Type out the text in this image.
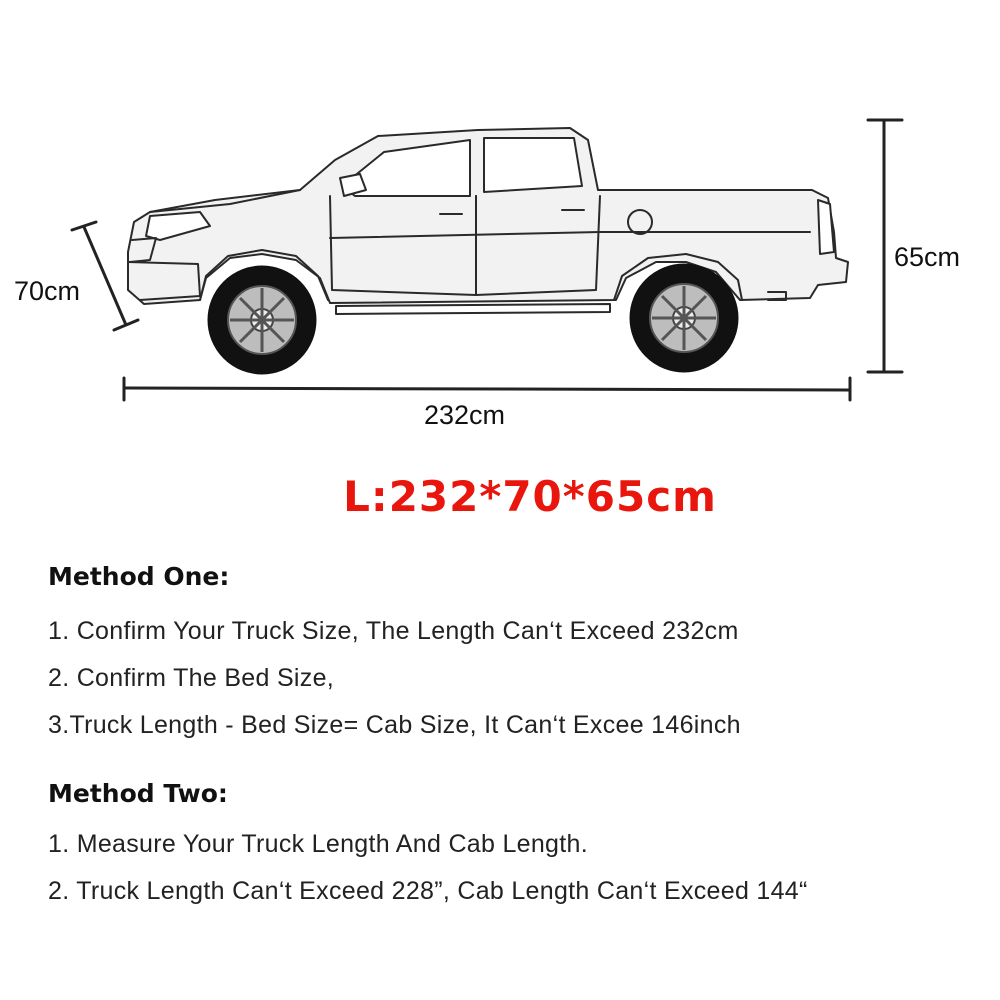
70cm
65cm
232cm
L:232*70*65cm
Method One:
1. Confirm Your Truck Size, The Length Can‘t Exceed 232cm
2. Confirm The Bed Size,
3.Truck Length - Bed Size= Cab Size, It Can‘t Excee 146inch
Method Two:
1. Measure Your Truck Length And Cab Length.
2. Truck Length Can‘t Exceed 228”, Cab Length Can‘t Exceed 144“
